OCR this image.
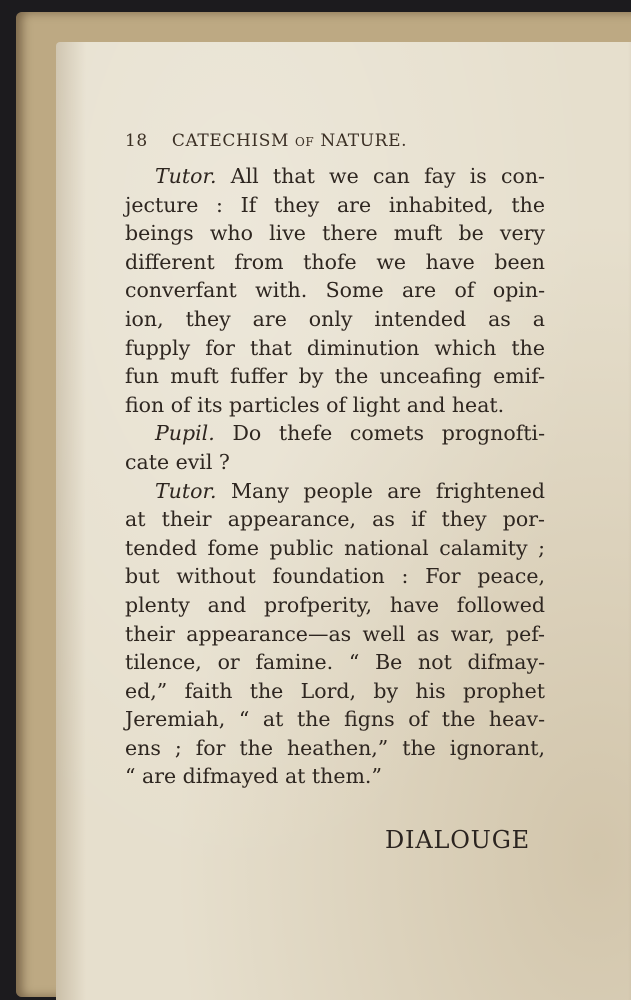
18 CATECHISM OF NATURE.
Tutor. All that we can fay is con-
jecture : If they are inhabited, the
beings who live there muft be very
different from thofe we have been
converfant with. Some are of opin-
ion, they are only intended as a
fupply for that diminution which the
fun muft fuffer by the unceafing emif-
fion of its particles of light and heat.
Pupil. Do thefe comets prognofti-
cate evil ?
Tutor. Many people are frightened
at their appearance, as if they por-
tended fome public national calamity ;
but without foundation : For peace,
plenty and profperity, have followed
their appearance—as well as war, pef-
tilence, or famine. “ Be not difmay-
ed,” faith the Lord, by his prophet
Jeremiah, “ at the figns of the heav-
ens ; for the heathen,” the ignorant,
“ are difmayed at them.”
DIALOUGE
